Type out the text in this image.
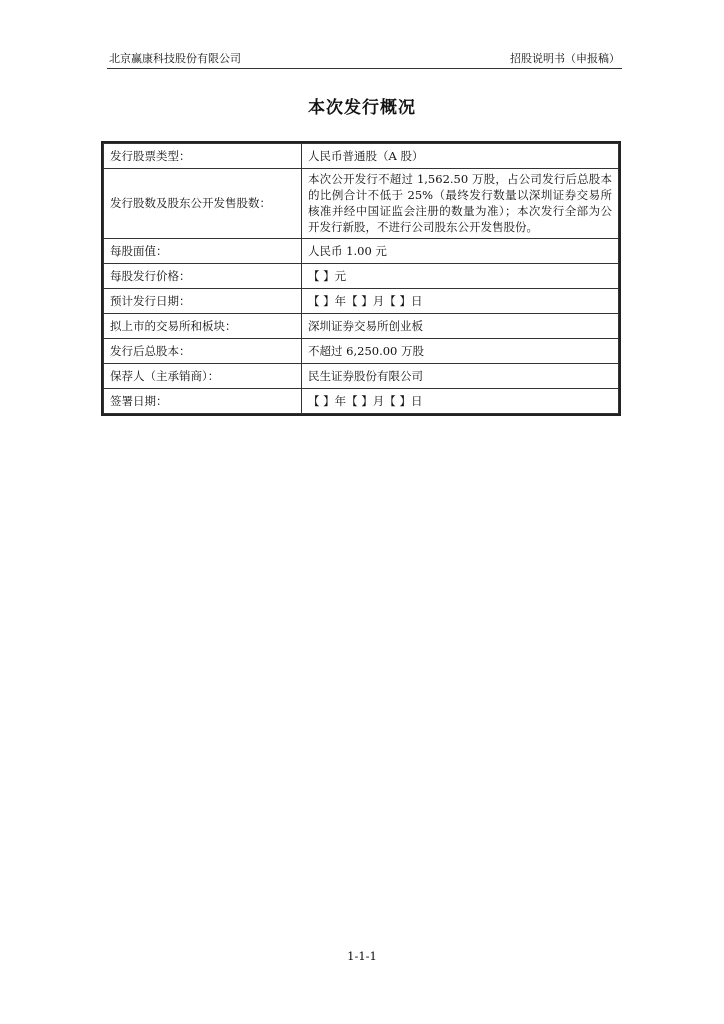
北京赢康科技股份有限公司	招股说明书（申报稿）
本次发行概况
发行股票类型：	人民币普通股（A 股）
发行股数及股东公开发售股数：	本次公开发行不超过 1,562.50 万股，占公司发行后总股本的比例合计不低于 25%（最终发行数量以深圳证券交易所核准并经中国证监会注册的数量为准）；本次发行全部为公开发行新股，不进行公司股东公开发售股份。
每股面值：	人民币 1.00 元
每股发行价格：	【 】元
预计发行日期：	【 】年【 】月【 】日
拟上市的交易所和板块：	深圳证券交易所创业板
发行后总股本：	不超过 6,250.00 万股
保荐人（主承销商）：	民生证券股份有限公司
签署日期：	【 】年【 】月【 】日
1-1-1
